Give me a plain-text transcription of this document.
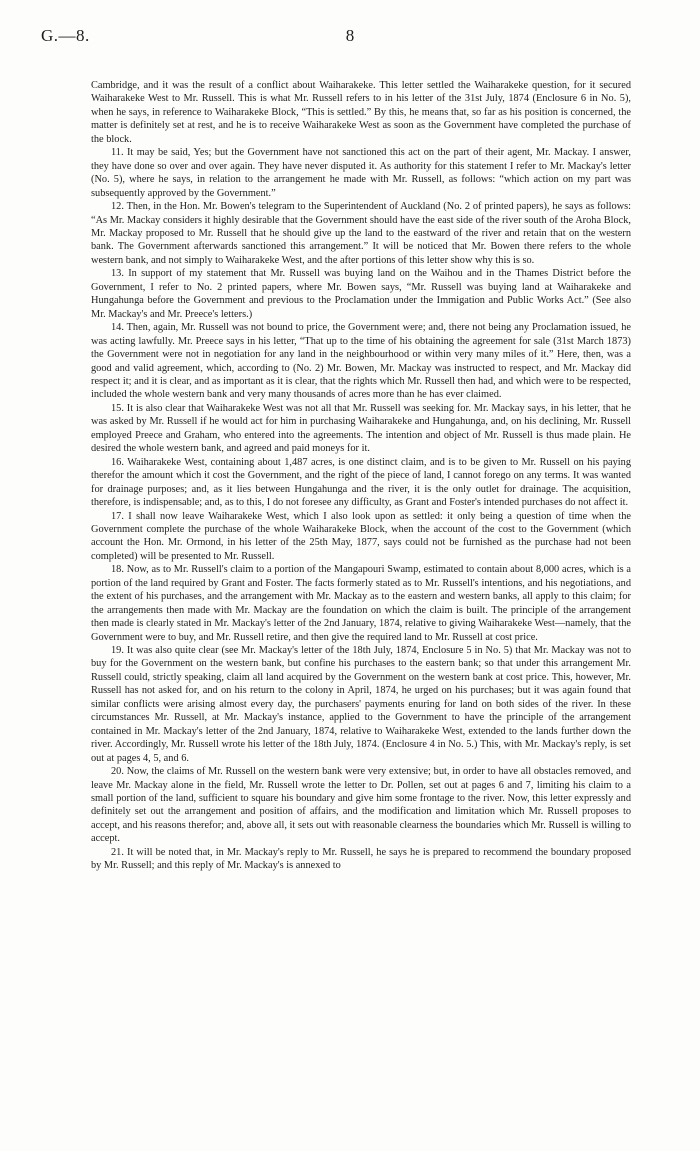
G.—8.	8

Cambridge, and it was the result of a conflict about Waiharakeke. This letter settled the Waiharakeke question, for it secured Waiharakeke West to Mr. Russell. This is what Mr. Russell refers to in his letter of the 31st July, 1874 (Enclosure 6 in No. 5), when he says, in reference to Waiharakeke Block, “This is settled.” By this, he means that, so far as his position is concerned, the matter is definitely set at rest, and he is to receive Waiharakeke West as soon as the Government have completed the purchase of the block.

11. It may be said, Yes; but the Government have not sanctioned this act on the part of their agent, Mr. Mackay. I answer, they have done so over and over again. They have never disputed it. As authority for this statement I refer to Mr. Mackay's letter (No. 5), where he says, in relation to the arrangement he made with Mr. Russell, as follows: “which action on my part was subsequently approved by the Government.”

12. Then, in the Hon. Mr. Bowen's telegram to the Superintendent of Auckland (No. 2 of printed papers), he says as follows: “As Mr. Mackay considers it highly desirable that the Government should have the east side of the river south of the Aroha Block, Mr. Mackay proposed to Mr. Russell that he should give up the land to the eastward of the river and retain that on the western bank. The Government afterwards sanctioned this arrangement.” It will be noticed that Mr. Bowen there refers to the whole western bank, and not simply to Waiharakeke West, and the after portions of this letter show why this is so.

13. In support of my statement that Mr. Russell was buying land on the Waihou and in the Thames District before the Government, I refer to No. 2 printed papers, where Mr. Bowen says, “Mr. Russell was buying land at Waiharakeke and Hungahunga before the Government and previous to the Proclamation under the Immigation and Public Works Act.” (See also Mr. Mackay's and Mr. Preece's letters.)

14. Then, again, Mr. Russell was not bound to price, the Government were; and, there not being any Proclamation issued, he was acting lawfully. Mr. Preece says in his letter, “That up to the time of his obtaining the agreement for sale (31st March 1873) the Government were not in negotiation for any land in the neighbourhood or within very many miles of it.” Here, then, was a good and valid agreement, which, according to (No. 2) Mr. Bowen, Mr. Mackay was instructed to respect, and Mr. Mackay did respect it; and it is clear, and as important as it is clear, that the rights which Mr. Russell then had, and which were to be respected, included the whole western bank and very many thousands of acres more than he has ever claimed.

15. It is also clear that Waiharakeke West was not all that Mr. Russell was seeking for. Mr. Mackay says, in his letter, that he was asked by Mr. Russell if he would act for him in purchasing Waiharakeke and Hungahunga, and, on his declining, Mr. Russell employed Preece and Graham, who entered into the agreements. The intention and object of Mr. Russell is thus made plain. He desired the whole western bank, and agreed and paid moneys for it.

16. Waiharakeke West, containing about 1,487 acres, is one distinct claim, and is to be given to Mr. Russell on his paying therefor the amount which it cost the Government, and the right of the piece of land, I cannot forego on any terms. It was wanted for drainage purposes; and, as it lies between Hungahunga and the river, it is the only outlet for drainage. The acquisition, therefore, is indispensable; and, as to this, I do not foresee any difficulty, as Grant and Foster's intended purchases do not affect it.

17. I shall now leave Waiharakeke West, which I also look upon as settled: it only being a question of time when the Government complete the purchase of the whole Waiharakeke Block, when the account of the cost to the Government (which account the Hon. Mr. Ormond, in his letter of the 25th May, 1877, says could not be furnished as the purchase had not been completed) will be presented to Mr. Russell.

18. Now, as to Mr. Russell's claim to a portion of the Mangapouri Swamp, estimated to contain about 8,000 acres, which is a portion of the land required by Grant and Foster. The facts formerly stated as to Mr. Russell's intentions, and his negotiations, and the extent of his purchases, and the arrangement with Mr. Mackay as to the eastern and western banks, all apply to this claim; for the arrangements then made with Mr. Mackay are the foundation on which the claim is built. The principle of the arrangement then made is clearly stated in Mr. Mackay's letter of the 2nd January, 1874, relative to giving Waiharakeke West—namely, that the Government were to buy, and Mr. Russell retire, and then give the required land to Mr. Russell at cost price.

19. It was also quite clear (see Mr. Mackay's letter of the 18th July, 1874, Enclosure 5 in No. 5) that Mr. Mackay was not to buy for the Government on the western bank, but confine his purchases to the eastern bank; so that under this arrangement Mr. Russell could, strictly speaking, claim all land acquired by the Government on the western bank at cost price. This, however, Mr. Russell has not asked for, and on his return to the colony in April, 1874, he urged on his purchases; but it was again found that similar conflicts were arising almost every day, the purchasers' payments enuring for land on both sides of the river. In these circumstances Mr. Russell, at Mr. Mackay's instance, applied to the Government to have the principle of the arrangement contained in Mr. Mackay's letter of the 2nd January, 1874, relative to Waiharakeke West, extended to the lands further down the river. Accordingly, Mr. Russell wrote his letter of the 18th July, 1874. (Enclosure 4 in No. 5.) This, with Mr. Mackay's reply, is set out at pages 4, 5, and 6.

20. Now, the claims of Mr. Russell on the western bank were very extensive; but, in order to have all obstacles removed, and leave Mr. Mackay alone in the field, Mr. Russell wrote the letter to Dr. Pollen, set out at pages 6 and 7, limiting his claim to a small portion of the land, sufficient to square his boundary and give him some frontage to the river. Now, this letter expressly and definitely set out the arrangement and position of affairs, and the modification and limitation which Mr. Russell proposes to accept, and his reasons therefor; and, above all, it sets out with reasonable clearness the boundaries which Mr. Russell is willing to accept.

21. It will be noted that, in Mr. Mackay's reply to Mr. Russell, he says he is prepared to recommend the boundary proposed by Mr. Russell; and this reply of Mr. Mackay's is annexed to
